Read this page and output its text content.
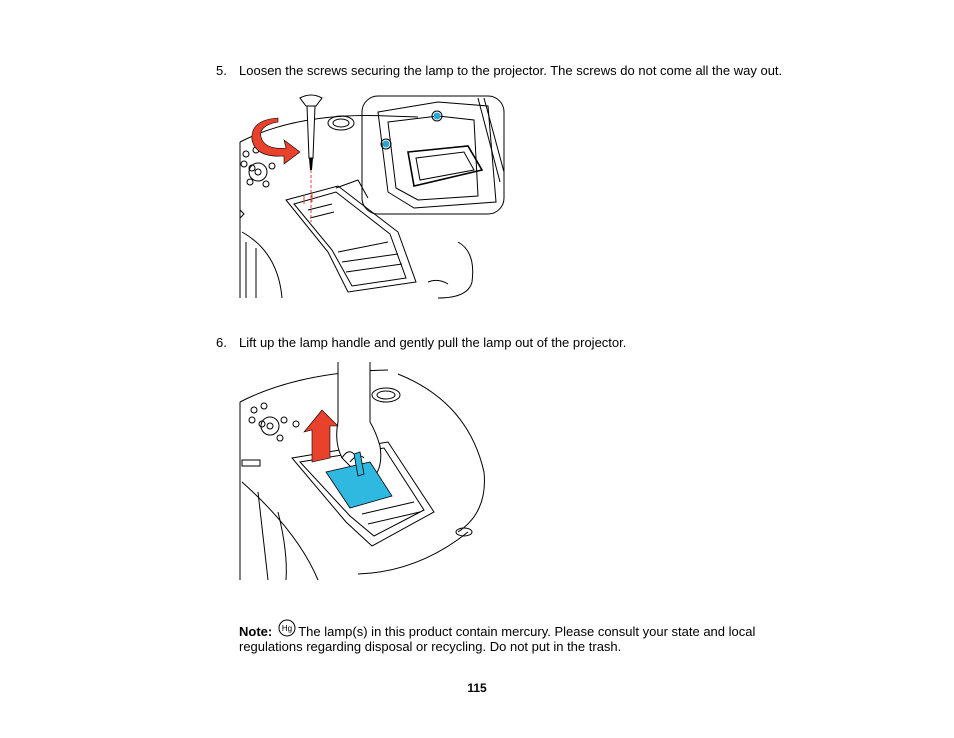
5. Loosen the screws securing the lamp to the projector. The screws do not come all the way out.
6. Lift up the lamp handle and gently pull the lamp out of the projector.
Note: Hg The lamp(s) in this product contain mercury. Please consult your state and local
regulations regarding disposal or recycling. Do not put in the trash.
115
